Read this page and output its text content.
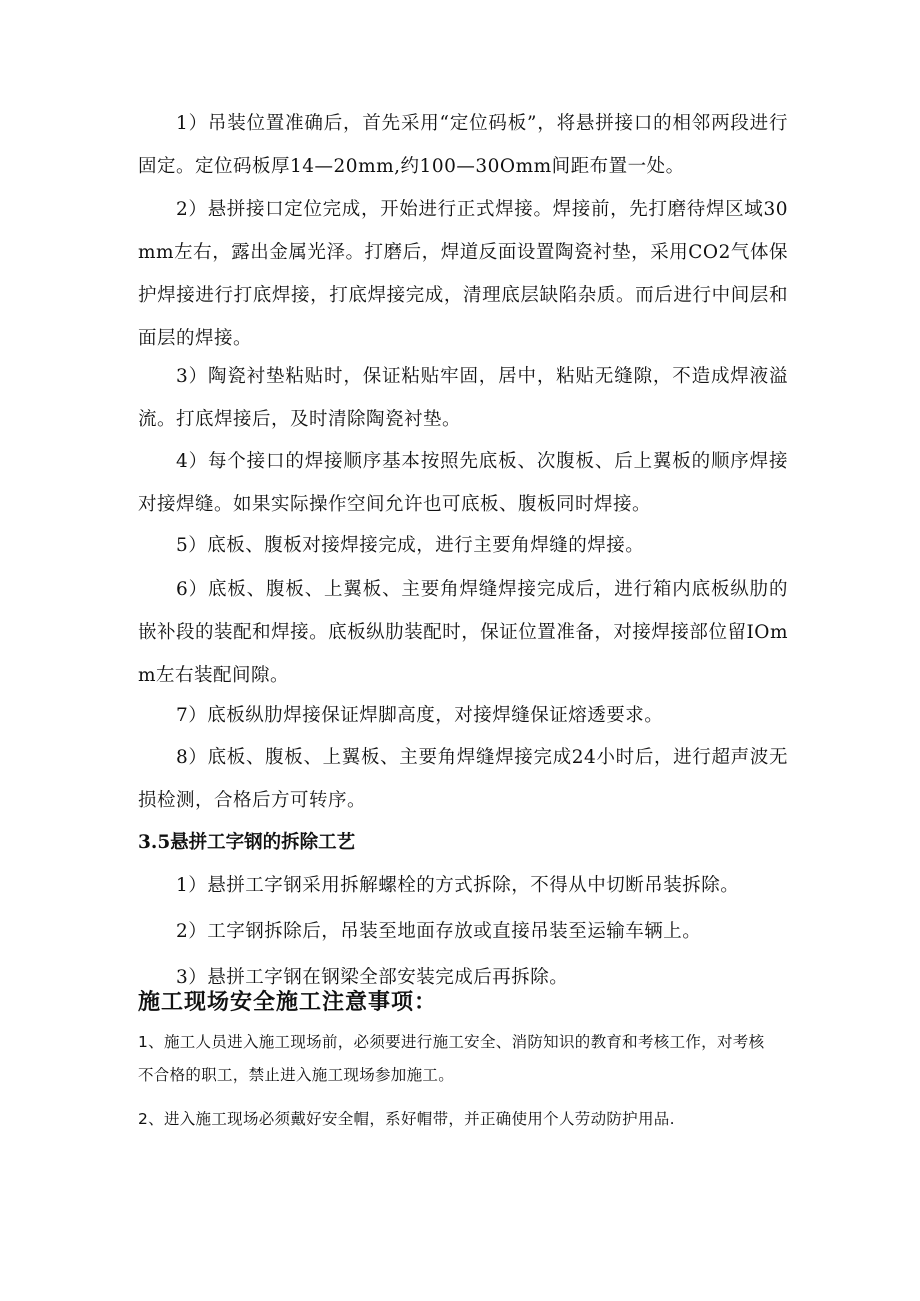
1）吊装位置准确后，首先采用“定位码板”，将悬拼接口的相邻两段进行固定。定位码板厚14—20mm,约100—30Omm间距布置一处。

2）悬拼接口定位完成，开始进行正式焊接。焊接前，先打磨待焊区域30mm左右，露出金属光泽。打磨后，焊道反面设置陶瓷衬垫，采用CO2气体保护焊接进行打底焊接，打底焊接完成，清理底层缺陷杂质。而后进行中间层和面层的焊接。

3）陶瓷衬垫粘贴时，保证粘贴牢固，居中，粘贴无缝隙，不造成焊液溢流。打底焊接后，及时清除陶瓷衬垫。

4）每个接口的焊接顺序基本按照先底板、次腹板、后上翼板的顺序焊接对接焊缝。如果实际操作空间允许也可底板、腹板同时焊接。

5）底板、腹板对接焊接完成，进行主要角焊缝的焊接。

6）底板、腹板、上翼板、主要角焊缝焊接完成后，进行箱内底板纵肋的嵌补段的装配和焊接。底板纵肋装配时，保证位置准备，对接焊接部位留IOmm左右装配间隙。

7）底板纵肋焊接保证焊脚高度，对接焊缝保证熔透要求。

8）底板、腹板、上翼板、主要角焊缝焊接完成24小时后，进行超声波无损检测，合格后方可转序。

3.5悬拼工字钢的拆除工艺

1）悬拼工字钢采用拆解螺栓的方式拆除，不得从中切断吊装拆除。

2）工字钢拆除后，吊装至地面存放或直接吊装至运输车辆上。

3）悬拼工字钢在钢梁全部安装完成后再拆除。

施工现场安全施工注意事项：

1、施工人员进入施工现场前，必须要进行施工安全、消防知识的教育和考核工作，对考核不合格的职工，禁止进入施工现场参加施工。

2、进入施工现场必须戴好安全帽，系好帽带，并正确使用个人劳动防护用品.
